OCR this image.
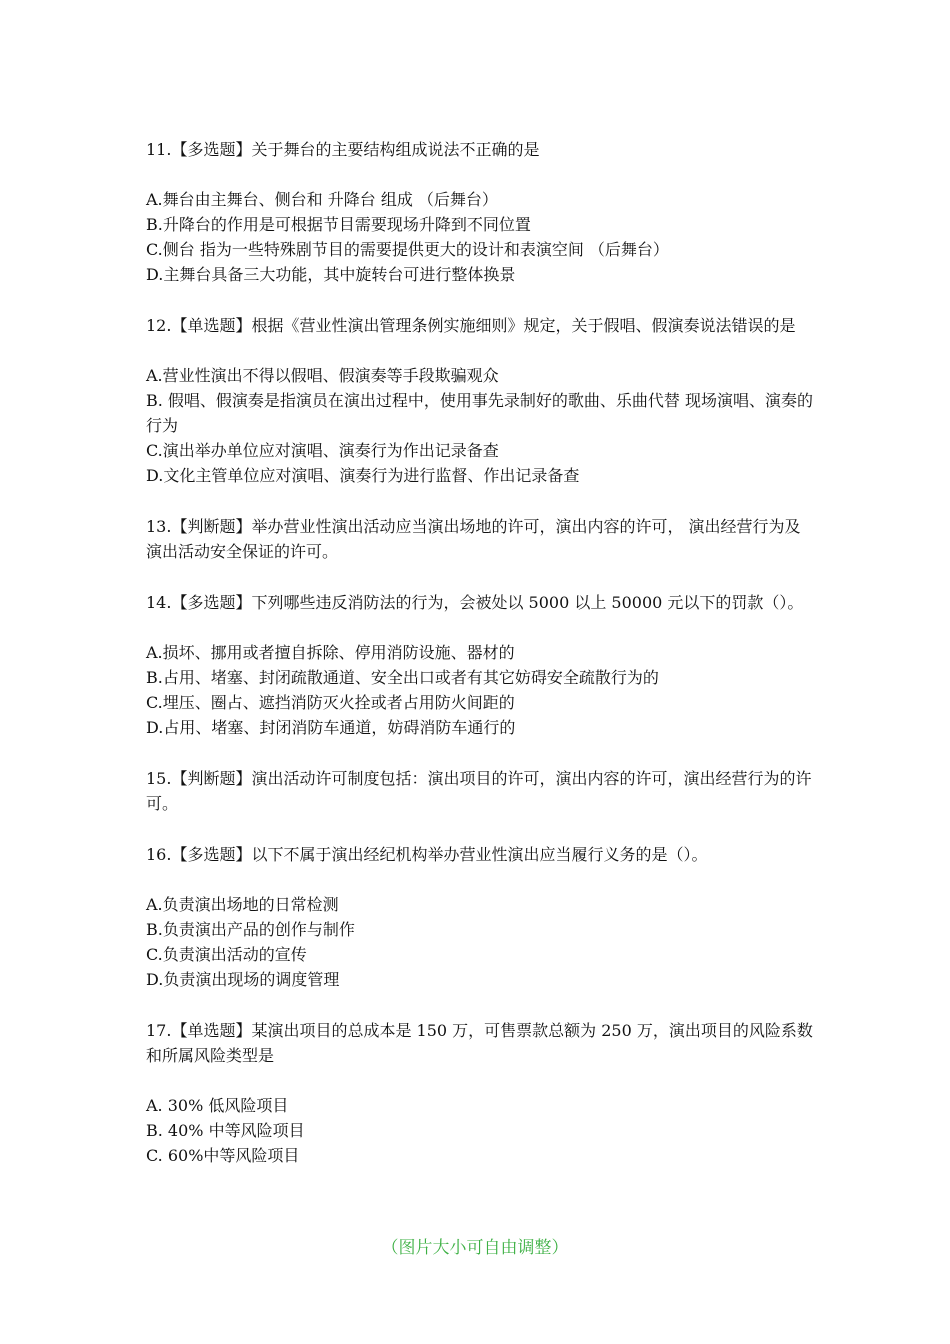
11.【多选题】关于舞台的主要结构组成说法不正确的是

A.舞台由主舞台、侧台和 升降台 组成 （后舞台）

B.升降台的作用是可根据节目需要现场升降到不同位置

C.侧台 指为一些特殊剧节目的需要提供更大的设计和表演空间 （后舞台）

D.主舞台具备三大功能，其中旋转台可进行整体换景

12.【单选题】根据《营业性演出管理条例实施细则》规定，关于假唱、假演奏说法错误的是

A.营业性演出不得以假唱、假演奏等手段欺骗观众

B. 假唱、假演奏是指演员在演出过程中，使用事先录制好的歌曲、乐曲代替 现场演唱、演奏的行为

C.演出举办单位应对演唱、演奏行为作出记录备查

D.文化主管单位应对演唱、演奏行为进行监督、作出记录备查

13.【判断题】举办营业性演出活动应当演出场地的许可，演出内容的许可， 演出经营行为及演出活动安全保证的许可。

14.【多选题】下列哪些违反消防法的行为，会被处以 5000 以上 50000 元以下的罚款（）。

A.损坏、挪用或者擅自拆除、停用消防设施、器材的

B.占用、堵塞、封闭疏散通道、安全出口或者有其它妨碍安全疏散行为的

C.埋压、圈占、遮挡消防灭火拴或者占用防火间距的

D.占用、堵塞、封闭消防车通道，妨碍消防车通行的

15.【判断题】演出活动许可制度包括：演出项目的许可，演出内容的许可，演出经营行为的许可。

16.【多选题】以下不属于演出经纪机构举办营业性演出应当履行义务的是（）。

A.负责演出场地的日常检测

B.负责演出产品的创作与制作

C.负责演出活动的宣传

D.负责演出现场的调度管理

17.【单选题】某演出项目的总成本是 150 万，可售票款总额为 250 万，演出项目的风险系数和所属风险类型是

A. 30% 低风险项目

B. 40% 中等风险项目

C. 60%中等风险项目

（图片大小可自由调整）
